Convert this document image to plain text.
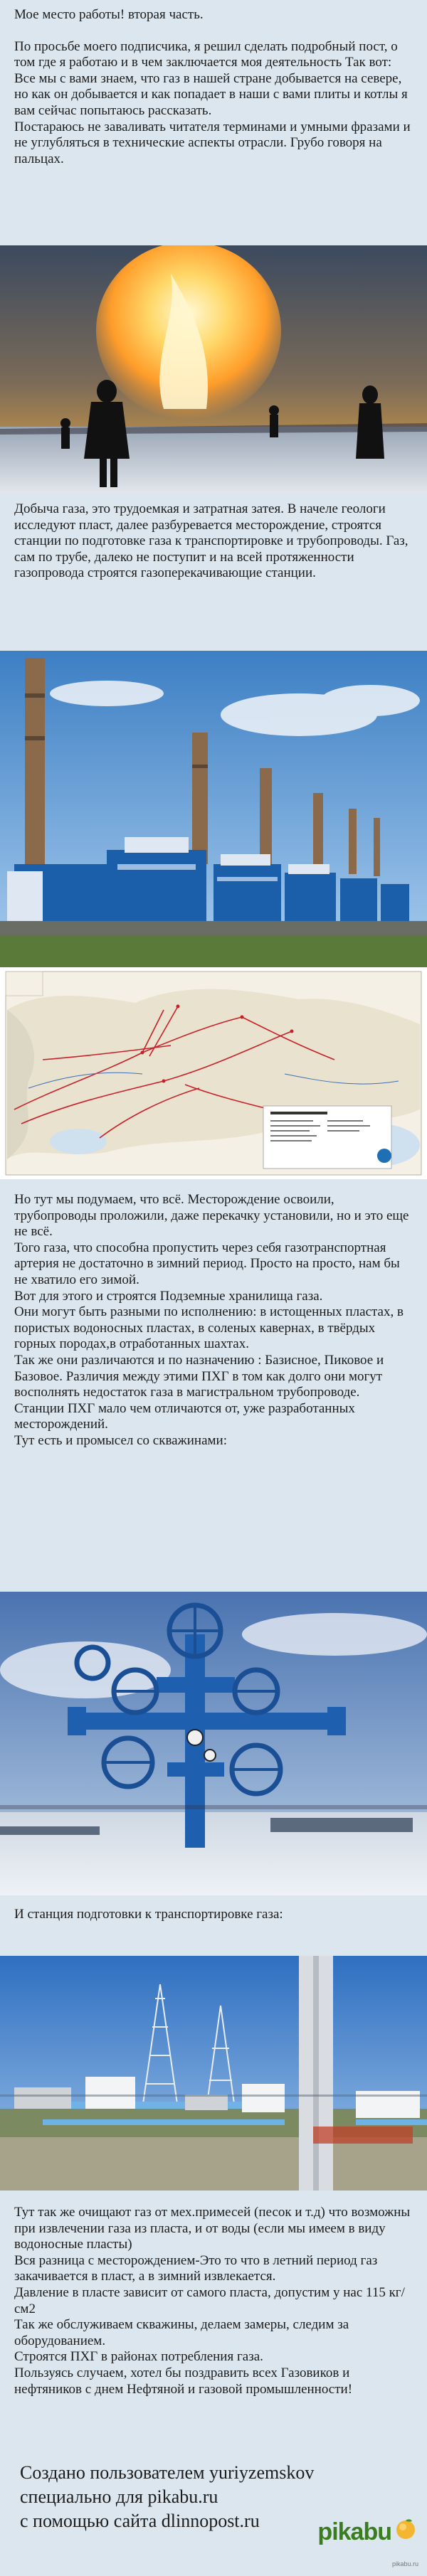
Мое место работы! вторая часть.

По просьбе моего подписчика, я решил сделать подробный пост, о том где я работаю и в чем заключается моя деятельность Так вот:

Все мы с вами знаем, что газ в нашей стране добывается на севере, но как он добывается и как попадает в наши с вами плиты и котлы я вам сейчас попытаюсь рассказать.

Постараюсь не заваливать читателя терминами и умными фразами и не углубляться в технические аспекты отрасли. Грубо говоря на пальцах.

Добыча газа, это трудоемкая и затратная затея. В начеле геологи исследуют пласт, далее разбуревается месторождение, строятся станции по подготовке газа к транспортировке и трубопроводы. Газ, сам по трубе, далеко не поступит и на всей протяженности газопровода строятся газоперекачивающие станции.

Но тут мы подумаем, что всё. Месторождение освоили, трубопроводы проложили, даже перекачку установили, но и это еще не всё.

Того газа, что способна пропустить через себя газотранспортная артерия не достаточно в зимний период. Просто на просто, нам бы не хватило его зимой.

Вот для этого и строятся Подземные хранилища газа.

Они могут быть разными по исполнению: в истощенных пластах, в пористых водоносных пластах, в соленых кавернах, в твёрдых горных породах,в отработанных шахтах.

Так же они различаются и по назначению : Базисное, Пиковое и Базовое. Различия между этими ПХГ в том как долго они могут восполнять недостаток газа в магистральном трубопроводе.

Станции ПХГ мало чем отличаются от, уже разработанных месторождений.

Тут есть и промысел со скважинами:

И станция подготовки к транспортировке газа:

Тут так же очищают газ от мех.примесей (песок и т.д) что возможны при извлечении газа из пласта, и от воды (если мы имеем в виду водоносные пласты)

Вся разница с месторождением-Это то что в летний период газ закачивается в пласт, а в зимний извлекается.

Давление в пласте зависит от самого пласта, допустим у нас 115 кг/см2

Так же обслуживаем скважины, делаем замеры, следим за оборудованием.

Строятся ПХГ в районах потребления газа.

Пользуясь случаем, хотел бы поздравить всех Газовиков и нефтяников с днем Нефтяной и газовой промышленности!

Создано пользователем yuriyzemskov

специально для pikabu.ru

с помощью сайта dlinnopost.ru	pikabu
pikabu.ru
